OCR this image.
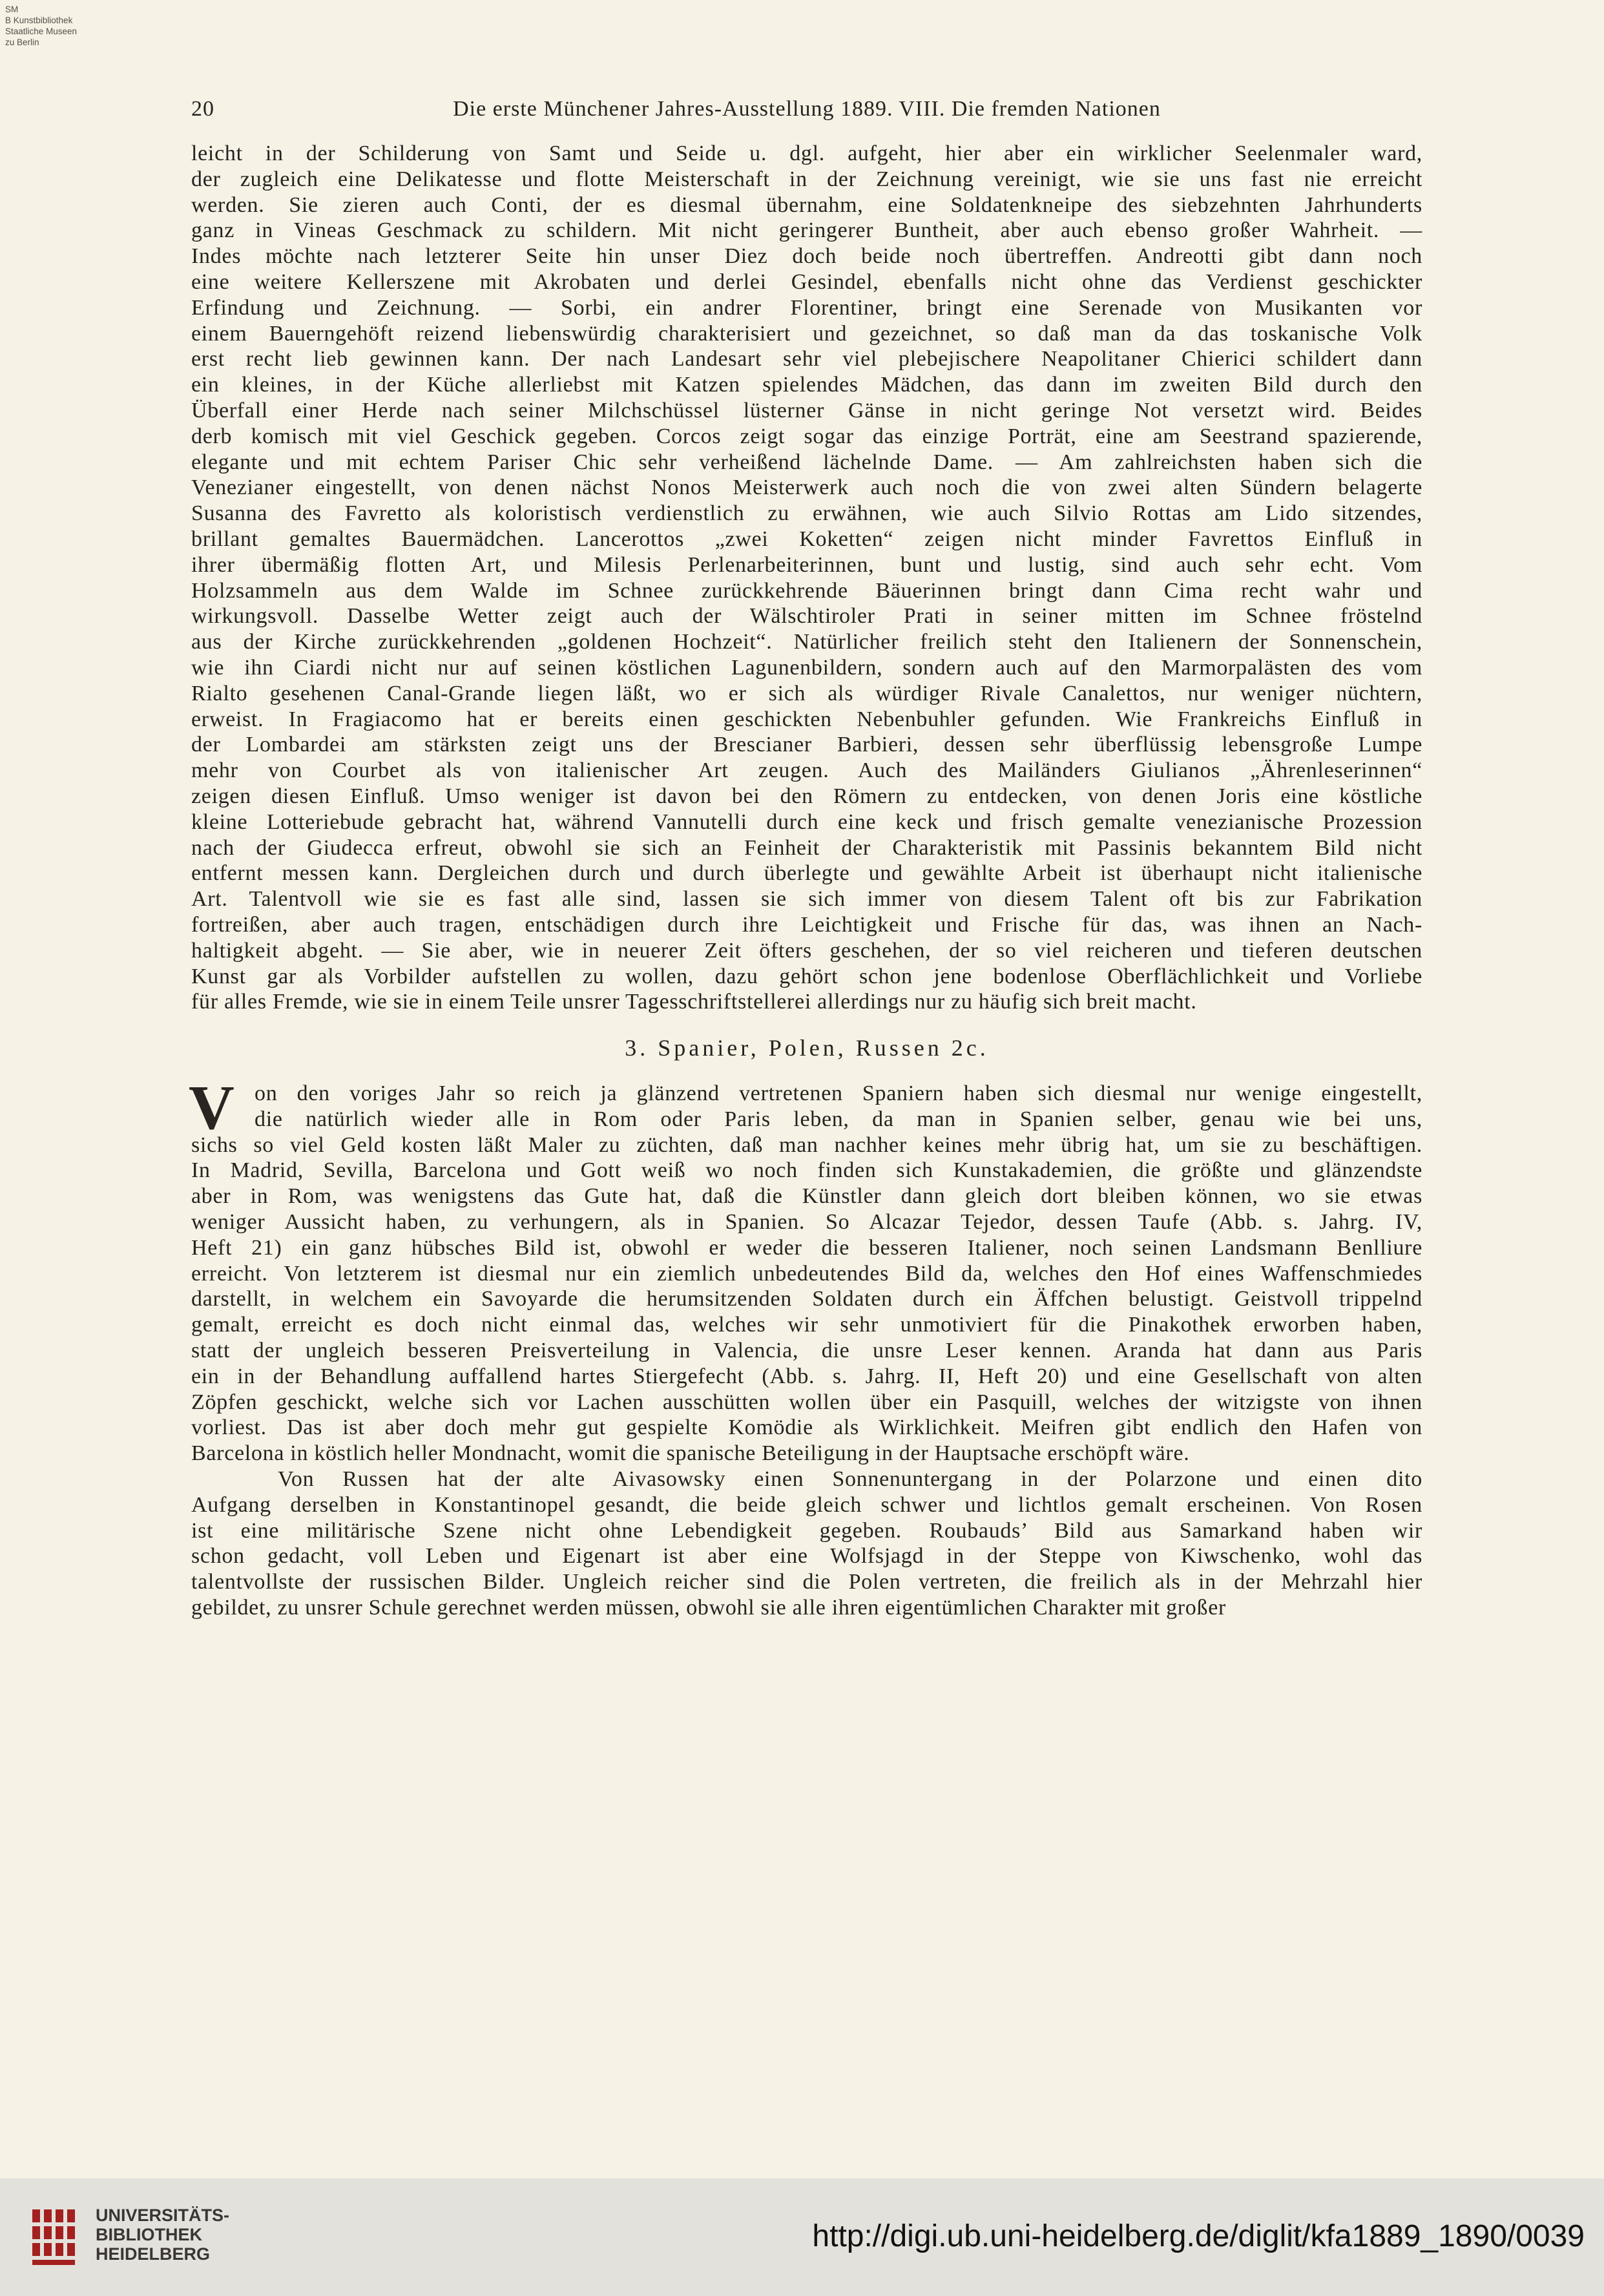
SM
B Kunstbibliothek
Staatliche Museen
zu Berlin
20	Die erste Münchener Jahres-Ausstellung 1889. VIII. Die fremden Nationen
leicht in der Schilderung von Samt und Seide u. dgl. aufgeht, hier aber ein wirklicher Seelenmaler ward,
der zugleich eine Delikatesse und flotte Meisterschaft in der Zeichnung vereinigt, wie sie uns fast nie erreicht
werden. Sie zieren auch Conti, der es diesmal übernahm, eine Soldatenkneipe des siebzehnten Jahrhunderts
ganz in Vineas Geschmack zu schildern. Mit nicht geringerer Buntheit, aber auch ebenso großer Wahrheit. —
Indes möchte nach letzterer Seite hin unser Diez doch beide noch übertreffen. Andreotti gibt dann noch
eine weitere Kellerszene mit Akrobaten und derlei Gesindel, ebenfalls nicht ohne das Verdienst geschickter
Erfindung und Zeichnung. — Sorbi, ein andrer Florentiner, bringt eine Serenade von Musikanten vor
einem Bauerngehöft reizend liebenswürdig charakterisiert und gezeichnet, so daß man da das toskanische Volk
erst recht lieb gewinnen kann. Der nach Landesart sehr viel plebejischere Neapolitaner Chierici schildert dann
ein kleines, in der Küche allerliebst mit Katzen spielendes Mädchen, das dann im zweiten Bild durch den
Überfall einer Herde nach seiner Milchschüssel lüsterner Gänse in nicht geringe Not versetzt wird. Beides
derb komisch mit viel Geschick gegeben. Corcos zeigt sogar das einzige Porträt, eine am Seestrand spazierende,
elegante und mit echtem Pariser Chic sehr verheißend lächelnde Dame. — Am zahlreichsten haben sich die
Venezianer eingestellt, von denen nächst Nonos Meisterwerk auch noch die von zwei alten Sündern belagerte
Susanna des Favretto als koloristisch verdienstlich zu erwähnen, wie auch Silvio Rottas am Lido sitzendes,
brillant gemaltes Bauermädchen. Lancerottos „zwei Koketten“ zeigen nicht minder Favrettos Einfluß in
ihrer übermäßig flotten Art, und Milesis Perlenarbeiterinnen, bunt und lustig, sind auch sehr echt. Vom
Holzsammeln aus dem Walde im Schnee zurückkehrende Bäuerinnen bringt dann Cima recht wahr und
wirkungsvoll. Dasselbe Wetter zeigt auch der Wälschtiroler Prati in seiner mitten im Schnee fröstelnd
aus der Kirche zurückkehrenden „goldenen Hochzeit“. Natürlicher freilich steht den Italienern der Sonnenschein,
wie ihn Ciardi nicht nur auf seinen köstlichen Lagunenbildern, sondern auch auf den Marmorpalästen des vom
Rialto gesehenen Canal-Grande liegen läßt, wo er sich als würdiger Rivale Canalettos, nur weniger nüchtern,
erweist. In Fragiacomo hat er bereits einen geschickten Nebenbuhler gefunden. Wie Frankreichs Einfluß in
der Lombardei am stärksten zeigt uns der Brescianer Barbieri, dessen sehr überflüssig lebensgroße Lumpe
mehr von Courbet als von italienischer Art zeugen. Auch des Mailänders Giulianos „Ährenleserinnen“
zeigen diesen Einfluß. Umso weniger ist davon bei den Römern zu entdecken, von denen Joris eine köstliche
kleine Lotteriebude gebracht hat, während Vannutelli durch eine keck und frisch gemalte venezianische Prozession
nach der Giudecca erfreut, obwohl sie sich an Feinheit der Charakteristik mit Passinis bekanntem Bild nicht
entfernt messen kann. Dergleichen durch und durch überlegte und gewählte Arbeit ist überhaupt nicht italienische
Art. Talentvoll wie sie es fast alle sind, lassen sie sich immer von diesem Talent oft bis zur Fabrikation
fortreißen, aber auch tragen, entschädigen durch ihre Leichtigkeit und Frische für das, was ihnen an Nach-
haltigkeit abgeht. — Sie aber, wie in neuerer Zeit öfters geschehen, der so viel reicheren und tieferen deutschen
Kunst gar als Vorbilder aufstellen zu wollen, dazu gehört schon jene bodenlose Oberflächlichkeit und Vorliebe
für alles Fremde, wie sie in einem Teile unsrer Tagesschriftstellerei allerdings nur zu häufig sich breit macht.
3. Spanier, Polen, Russen 2c.
V on den voriges Jahr so reich ja glänzend vertretenen Spaniern haben sich diesmal nur wenige eingestellt,
die natürlich wieder alle in Rom oder Paris leben, da man in Spanien selber, genau wie bei uns,
sichs so viel Geld kosten läßt Maler zu züchten, daß man nachher keines mehr übrig hat, um sie zu beschäftigen.
In Madrid, Sevilla, Barcelona und Gott weiß wo noch finden sich Kunstakademien, die größte und glänzendste
aber in Rom, was wenigstens das Gute hat, daß die Künstler dann gleich dort bleiben können, wo sie etwas
weniger Aussicht haben, zu verhungern, als in Spanien. So Alcazar Tejedor, dessen Taufe (Abb. s. Jahrg. IV,
Heft 21) ein ganz hübsches Bild ist, obwohl er weder die besseren Italiener, noch seinen Landsmann Benlliure
erreicht. Von letzterem ist diesmal nur ein ziemlich unbedeutendes Bild da, welches den Hof eines Waffenschmiedes
darstellt, in welchem ein Savoyarde die herumsitzenden Soldaten durch ein Äffchen belustigt. Geistvoll trippelnd
gemalt, erreicht es doch nicht einmal das, welches wir sehr unmotiviert für die Pinakothek erworben haben,
statt der ungleich besseren Preisverteilung in Valencia, die unsre Leser kennen. Aranda hat dann aus Paris
ein in der Behandlung auffallend hartes Stiergefecht (Abb. s. Jahrg. II, Heft 20) und eine Gesellschaft von alten
Zöpfen geschickt, welche sich vor Lachen ausschütten wollen über ein Pasquill, welches der witzigste von ihnen
vorliest. Das ist aber doch mehr gut gespielte Komödie als Wirklichkeit. Meifren gibt endlich den Hafen von
Barcelona in köstlich heller Mondnacht, womit die spanische Beteiligung in der Hauptsache erschöpft wäre.
Von Russen hat der alte Aivasowsky einen Sonnenuntergang in der Polarzone und einen dito
Aufgang derselben in Konstantinopel gesandt, die beide gleich schwer und lichtlos gemalt erscheinen. Von Rosen
ist eine militärische Szene nicht ohne Lebendigkeit gegeben. Roubauds’ Bild aus Samarkand haben wir
schon gedacht, voll Leben und Eigenart ist aber eine Wolfsjagd in der Steppe von Kiwschenko, wohl das
talentvollste der russischen Bilder. Ungleich reicher sind die Polen vertreten, die freilich als in der Mehrzahl hier
gebildet, zu unsrer Schule gerechnet werden müssen, obwohl sie alle ihren eigentümlichen Charakter mit großer
UNIVERSITÄTS-
BIBLIOTHEK
HEIDELBERG
http://digi.ub.uni-heidelberg.de/diglit/kfa1889_1890/0039
